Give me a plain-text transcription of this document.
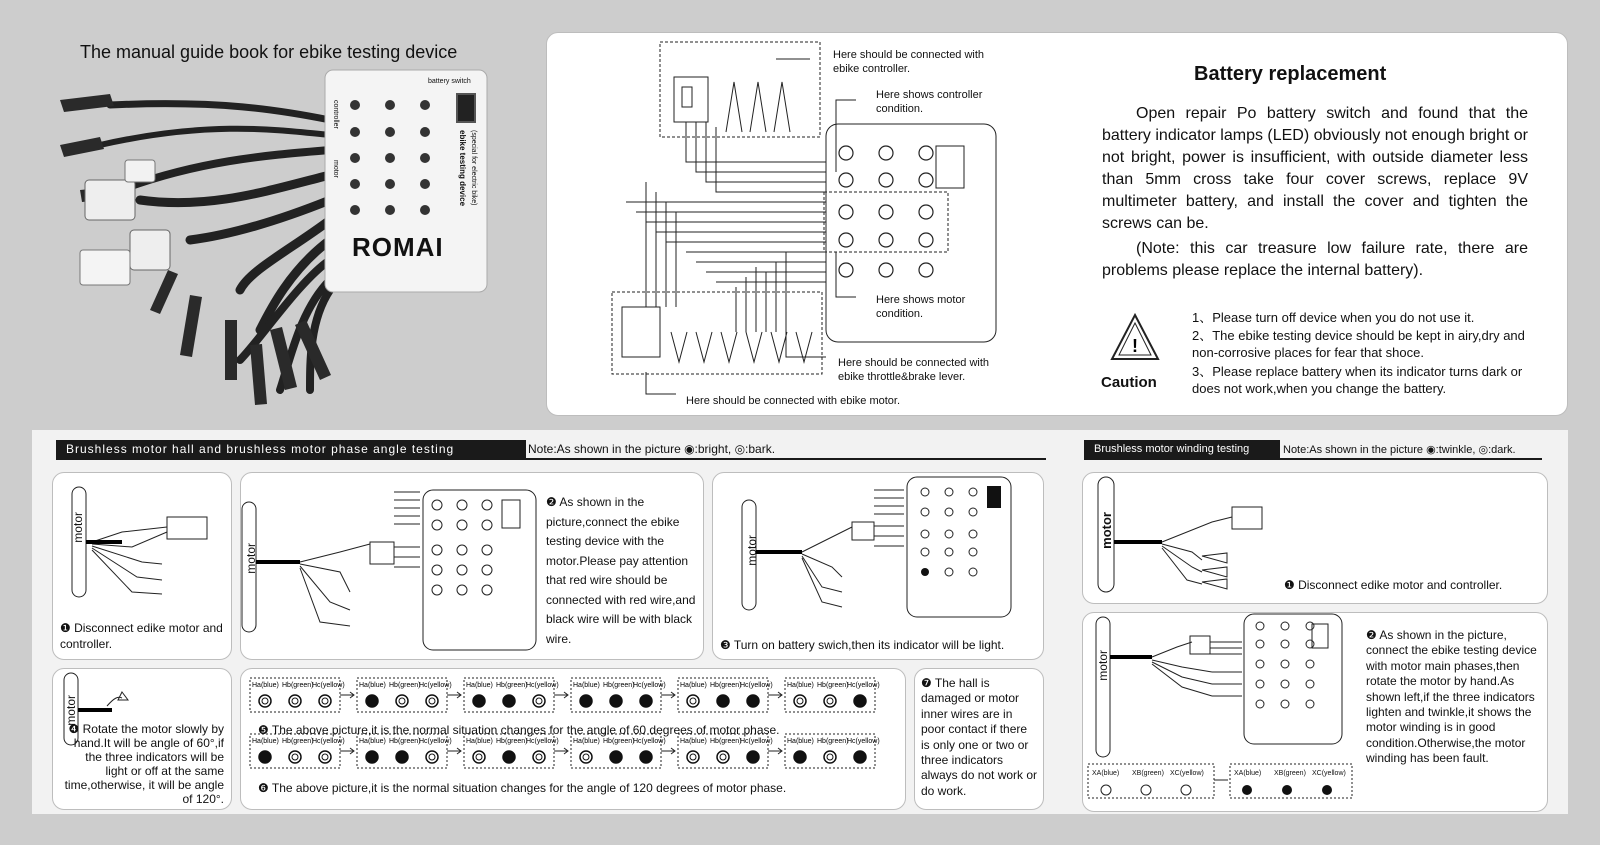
The manual guide book for ebike testing device
ROMAI
battery switch
controller
motor	(special for electric bike)
ebike testing device
Here should be connected with ebike controller.
Here shows controller condition.
Here shows motor condition.
Here should be connected with ebike throttle&brake lever.
Here should be connected with ebike motor.
Battery replacement
Open repair Po battery switch and found that the battery indicator lamps (LED) obviously not enough bright or not bright, power is insufficient, with outside diameter less than 5mm cross take four cover screws, replace 9V multimeter battery, and install the cover and tighten the screws can be.
(Note: this car treasure low failure rate, there are problems please replace the internal battery).
!
Caution
1、Please turn off device when you do not use it.
2、The ebike testing device should be kept in airy,dry and non-corrosive places for fear that shoce.
3、Please replace battery when its indicator turns dark or does not work,when you change the battery.
Brushless motor hall and brushless motor phase angle testing	Note:As shown in the picture ◉:bright, ◎:bark.	Brushless motor winding testing	Note:As shown in the picture ◉:twinkle, ◎:dark.
motor
❶ Disconnect edike motor and controller.
motor
❷ As shown in the picture,connect the ebike testing device with the motor.Please pay attention that red wire should be connected with red wire,and black wire will be with black wire.
motor
❸ Turn on battery swich,then its indicator will be light.
motor
❹ Rotate the motor slowly by hand.It will be angle of 60°,if the three indicators will be light or off at the same time,otherwise, it will be angle of 120°.
Ha(blue) Hb(green)
Hc(yellow) Ha(blue) Hb(green)
Hc(yellow) Ha(blue) Hb(green)
Hc(yellow) Ha(blue) Hb(green)
Hc(yellow) Ha(blue) Hb(green)
Hc(yellow) Ha(blue) Hb(green)
Hc(yellow)
Ha(blue) Hb(green)
Hc(yellow) Ha(blue) Hb(green)
Hc(yellow) Ha(blue) Hb(green)
Hc(yellow) Ha(blue) Hb(green)
Hc(yellow) Ha(blue) Hb(green)
Hc(yellow) Ha(blue) Hb(green)
Hc(yellow)
❺ The above picture,it is the normal situation changes for the angle of 60 degrees of motor phase.
❻ The above picture,it is the normal situation changes for the angle of 120 degrees of motor phase.
❼ The hall is damaged or motor inner wires are in poor contact if there is only one or two or three indicators always do not work or do work.
motor
❶ Disconnect edike motor and controller.
XA(blue) XB(green) XC(yellow)	XA(blue) XB(green) XC(yellow)
motor
❷ As shown in the picture, connect the ebike testing device with motor main phases,then rotate the motor by hand.As shown left,if the three indicators lighten and twinkle,it shows the motor winding is in good condition.Otherwise,the motor winding has been fault.
